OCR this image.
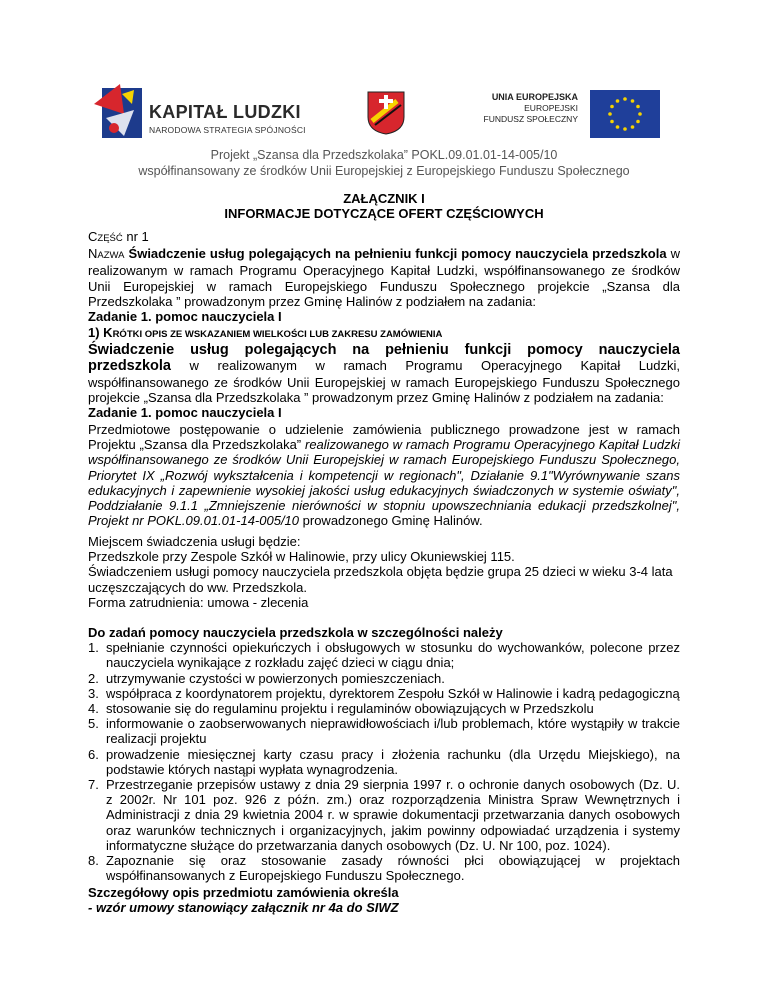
KAPITAŁ LUDZKI
NARODOWA STRATEGIA SPÓJNOŚCI
UNIA EUROPEJSKA
EUROPEJSKI
FUNDUSZ SPOŁECZNY
Projekt „Szansa dla Przedszkolaka” POKL.09.01.01-14-005/10
współfinansowany ze środków Unii Europejskiej z Europejskiego Funduszu Społecznego
ZAŁĄCZNIK I
INFORMACJE DOTYCZĄCE OFERT CZĘŚCIOWYCH

CZĘŚĆ nr 1

NAZWA Świadczenie usług polegających na pełnieniu funkcji pomocy nauczyciela przedszkola w realizowanym w ramach Programu Operacyjnego Kapitał Ludzki, współfinansowanego ze środków Unii Europejskiej w ramach Europejskiego Funduszu Społecznego projekcie „Szansa dla Przedszkolaka ” prowadzonym przez Gminę Halinów z podziałem na zadania:

Zadanie 1. pomoc nauczyciela I

1) KRÓTKI OPIS ZE WSKAZANIEM WIELKOŚCI LUB ZAKRESU ZAMÓWIENIA

Świadczenie usług polegających na pełnieniu funkcji pomocy nauczyciela przedszkola w realizowanym w ramach Programu Operacyjnego Kapitał Ludzki, współfinansowanego ze środków Unii Europejskiej w ramach Europejskiego Funduszu Społecznego projekcie „Szansa dla Przedszkolaka ” prowadzonym przez Gminę Halinów z podziałem na zadania:

Zadanie 1. pomoc nauczyciela I

Przedmiotowe postępowanie o udzielenie zamówienia publicznego prowadzone jest w ramach Projektu „Szansa dla Przedszkolaka” realizowanego w ramach Programu Operacyjnego Kapitał Ludzki współfinansowanego ze środków Unii Europejskiej w ramach Europejskiego Funduszu Społecznego, Priorytet IX „Rozwój wykształcenia i kompetencji w regionach", Działanie 9.1"Wyrównywanie szans edukacyjnych i zapewnienie wysokiej jakości usług edukacyjnych świadczonych w systemie oświaty", Poddziałanie 9.1.1 „Zmniejszenie nierówności w stopniu upowszechniania edukacji przedszkolnej", Projekt nr POKL.09.01.01-14-005/10 prowadzonego Gminę Halinów.

Miejscem świadczenia usługi będzie:

Przedszkole przy Zespole Szkół w Halinowie, przy ulicy Okuniewskiej 115.

Świadczeniem usługi pomocy nauczyciela przedszkola objęta będzie grupa 25 dzieci w wieku 3-4 lata uczęszczających do ww. Przedszkola.

Forma zatrudnienia: umowa - zlecenia

Do zadań pomocy nauczyciela przedszkola w szczególności należy

1. spełnianie czynności opiekuńczych i obsługowych w stosunku do wychowanków, polecone przez nauczyciela wynikające z rozkładu zajęć dzieci w ciągu dnia;
2. utrzymywanie czystości w powierzonych pomieszczeniach.
3. współpraca z koordynatorem projektu, dyrektorem Zespołu Szkół w Halinowie i kadrą pedagogiczną
4. stosowanie się do regulaminu projektu i regulaminów obowiązujących w Przedszkolu
5. informowanie o zaobserwowanych nieprawidłowościach i/lub problemach, które wystąpiły w trakcie realizacji projektu
6. prowadzenie miesięcznej karty czasu pracy i złożenia rachunku (dla Urzędu Miejskiego), na podstawie których nastąpi wypłata wynagrodzenia.
7. Przestrzeganie przepisów ustawy z dnia 29 sierpnia 1997 r. o ochronie danych osobowych (Dz. U. z 2002r. Nr 101 poz. 926 z późn. zm.) oraz rozporządzenia Ministra Spraw Wewnętrznych i Administracji z dnia 29 kwietnia 2004 r. w sprawie dokumentacji przetwarzania danych osobowych oraz warunków technicznych i organizacyjnych, jakim powinny odpowiadać urządzenia i systemy informatyczne służące do przetwarzania danych osobowych (Dz. U. Nr 100, poz. 1024).
8. Zapoznanie się oraz stosowanie zasady równości płci obowiązującej w projektach współfinansowanych z Europejskiego Funduszu Społecznego.

Szczegółowy opis przedmiotu zamówienia określa

- wzór umowy stanowiący załącznik nr 4a do SIWZ
